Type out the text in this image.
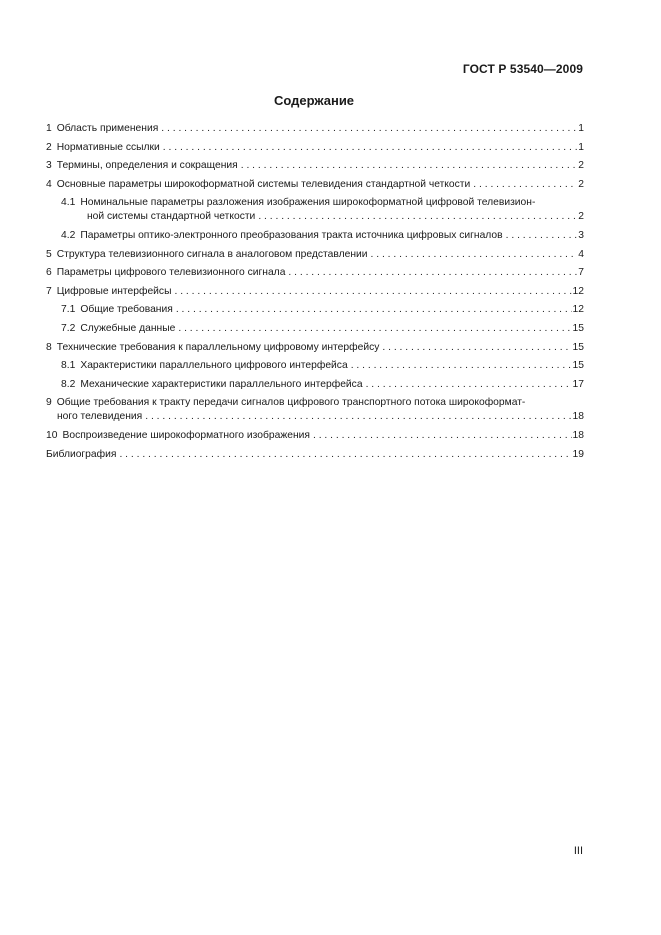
ГОСТ Р 53540—2009
Содержание
1 Область применения . . .	1
2 Нормативные ссылки . . .	1
3 Термины, определения и сокращения . . .	2
4 Основные параметры широкоформатной системы телевидения стандартной четкости . . .	2
4.1 Номинальные параметры разложения изображения широкоформатной цифровой телевизион-
ной системы стандартной четкости . . .	2
4.2 Параметры оптико-электронного преобразования тракта источника цифровых сигналов . . .	3
5 Структура телевизионного сигнала в аналоговом представлении . . .	4
6 Параметры цифрового телевизионного сигнала . . .	7
7 Цифровые интерфейсы . . .	12
7.1 Общие требования . . .	12
7.2 Служебные данные . . .	15
8 Технические требования к параллельному цифровому интерфейсу . . .	15
8.1 Характеристики параллельного цифрового интерфейса . . .	15
8.2 Механические характеристики параллельного интерфейса . . .	17
9 Общие требования к тракту передачи сигналов цифрового транспортного потока широкоформат-
ного телевидения . . .	18
10 Воспроизведение широкоформатного изображения . . .	18
Библиография . . .	19
III
